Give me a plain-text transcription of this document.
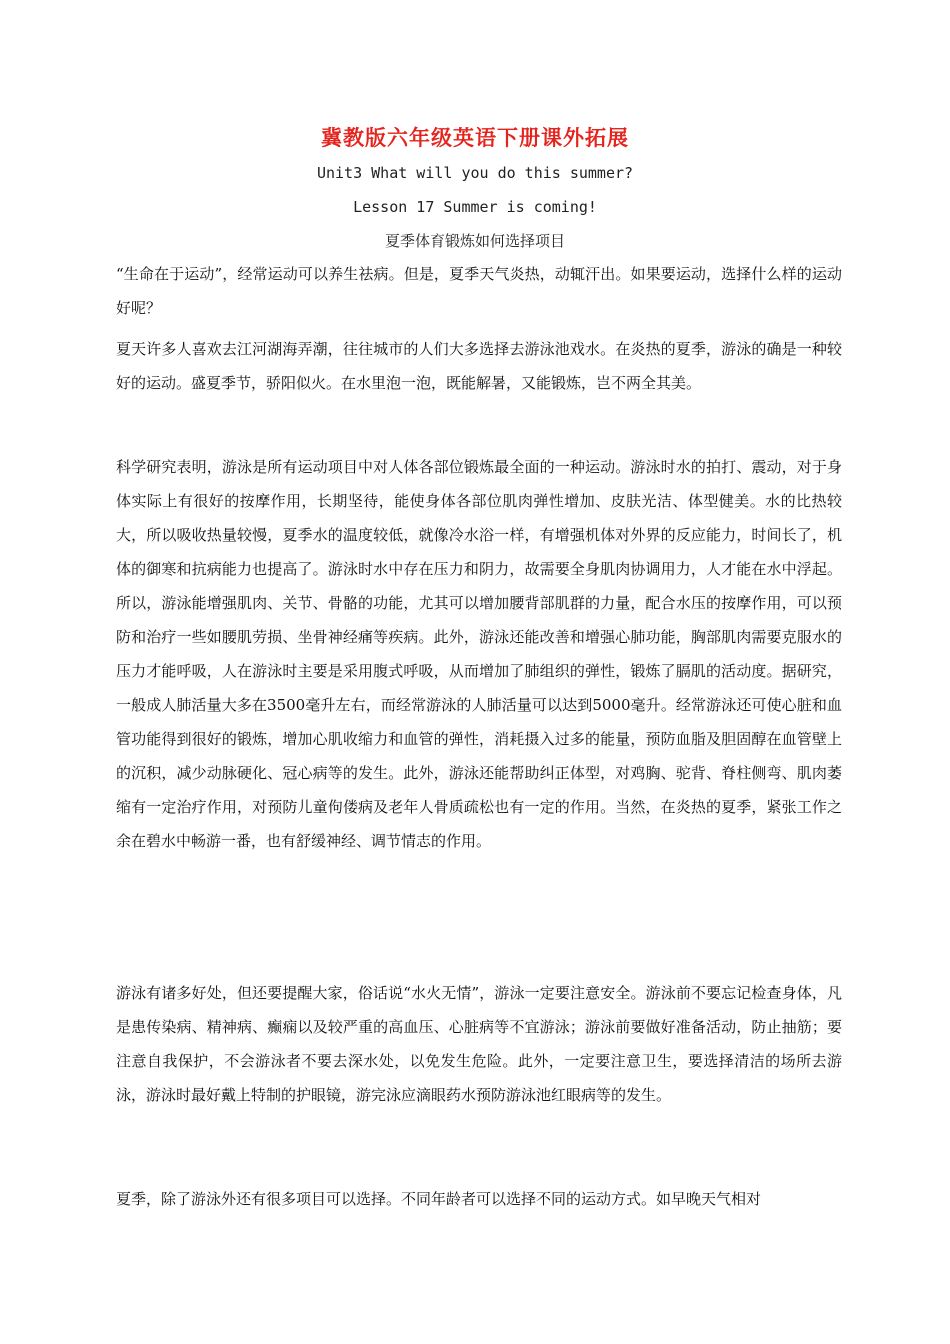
冀教版六年级英语下册课外拓展
Unit3 What will you do this summer?
Lesson 17 Summer is coming!
夏季体育锻炼如何选择项目

“生命在于运动”，经常运动可以养生祛病。但是，夏季天气炎热，动辄汗出。如果要运动，选择什么样的运动好呢？

夏天许多人喜欢去江河湖海弄潮，往往城市的人们大多选择去游泳池戏水。在炎热的夏季，游泳的确是一种较好的运动。盛夏季节，骄阳似火。在水里泡一泡，既能解暑，又能锻炼，岂不两全其美。

科学研究表明，游泳是所有运动项目中对人体各部位锻炼最全面的一种运动。游泳时水的拍打、震动，对于身体实际上有很好的按摩作用，长期坚待，能使身体各部位肌肉弹性增加、皮肤光洁、体型健美。水的比热较大，所以吸收热量较慢，夏季水的温度较低，就像冷水浴一样，有增强机体对外界的反应能力，时间长了，机体的御寒和抗病能力也提高了。游泳时水中存在压力和阴力，故需要全身肌肉协调用力，人才能在水中浮起。所以，游泳能增强肌肉、关节、骨骼的功能，尤其可以增加腰背部肌群的力量，配合水压的按摩作用，可以预防和治疗一些如腰肌劳损、坐骨神经痛等疾病。此外，游泳还能改善和增强心肺功能，胸部肌肉需要克服水的压力才能呼吸，人在游泳时主要是采用腹式呼吸，从而增加了肺组织的弹性，锻炼了膈肌的活动度。据研究，一般成人肺活量大多在3500毫升左右，而经常游泳的人肺活量可以达到5000毫升。经常游泳还可使心脏和血管功能得到很好的锻炼，增加心肌收缩力和血管的弹性，消耗摄入过多的能量，预防血脂及胆固醇在血管壁上的沉积，减少动脉硬化、冠心病等的发生。此外，游泳还能帮助纠正体型，对鸡胸、驼背、脊柱侧弯、肌肉萎缩有一定治疗作用，对预防儿童佝偻病及老年人骨质疏松也有一定的作用。当然，在炎热的夏季，紧张工作之余在碧水中畅游一番，也有舒缓神经、调节情志的作用。

游泳有诸多好处，但还要提醒大家，俗话说“水火无情”，游泳一定要注意安全。游泳前不要忘记检查身体，凡是患传染病、精神病、癫痫以及较严重的高血压、心脏病等不宜游泳；游泳前要做好准备活动，防止抽筋；要注意自我保护，不会游泳者不要去深水处，以免发生危险。此外，一定要注意卫生，要选择清洁的场所去游泳，游泳时最好戴上特制的护眼镜，游完泳应滴眼药水预防游泳池红眼病等的发生。

夏季，除了游泳外还有很多项目可以选择。不同年龄者可以选择不同的运动方式。如早晚天气相对
